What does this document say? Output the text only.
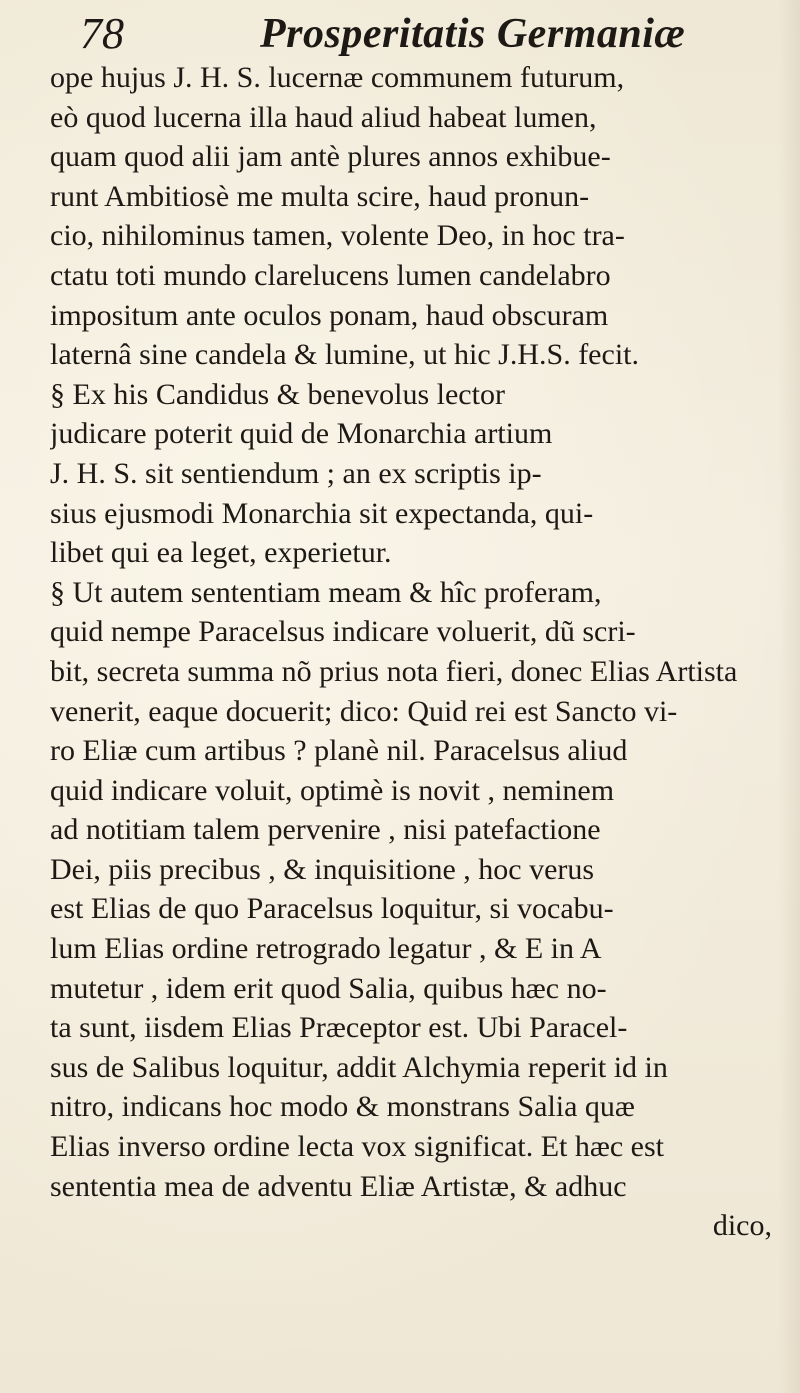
78	Prosperitatis Germaniæ
ope hujus J. H. S. lucernæ communem futurum,
eò quod lucerna illa haud aliud habeat lumen,
quam quod alii jam antè plures annos exhibue-
runt Ambitiosè me multa scire, haud pronun-
cio, nihilominus tamen, volente Deo, in hoc tra-
ctatu toti mundo clarelucens lumen candelabro
impositum ante oculos ponam, haud obscuram
laternâ sine candela & lumine, ut hic J.H.S. fecit.
§ Ex his Candidus & benevolus lector
judicare poterit quid de Monarchia artium
J. H. S. sit sentiendum ; an ex scriptis ip-
sius ejusmodi Monarchia sit expectanda, qui-
libet qui ea leget, experietur.
§ Ut autem sententiam meam & hîc proferam,
quid nempe Paracelsus indicare voluerit, dũ scri-
bit, secreta summa nõ prius nota fieri, donec Elias Artista
venerit, eaque docuerit; dico: Quid rei est Sancto vi-
ro Eliæ cum artibus ? planè nil. Paracelsus aliud
quid indicare voluit, optimè is novit , neminem
ad notitiam talem pervenire , nisi patefactione
Dei, piis precibus , & inquisitione , hoc verus
est Elias de quo Paracelsus loquitur, si vocabu-
lum Elias ordine retrogrado legatur , & E in A
mutetur , idem erit quod Salia, quibus hæc no-
ta sunt, iisdem Elias Præceptor est. Ubi Paracel-
sus de Salibus loquitur, addit Alchymia reperit id in
nitro, indicans hoc modo & monstrans Salia quæ
Elias inverso ordine lecta vox significat. Et hæc est
sententia mea de adventu Eliæ Artistæ, & adhuc
dico,
